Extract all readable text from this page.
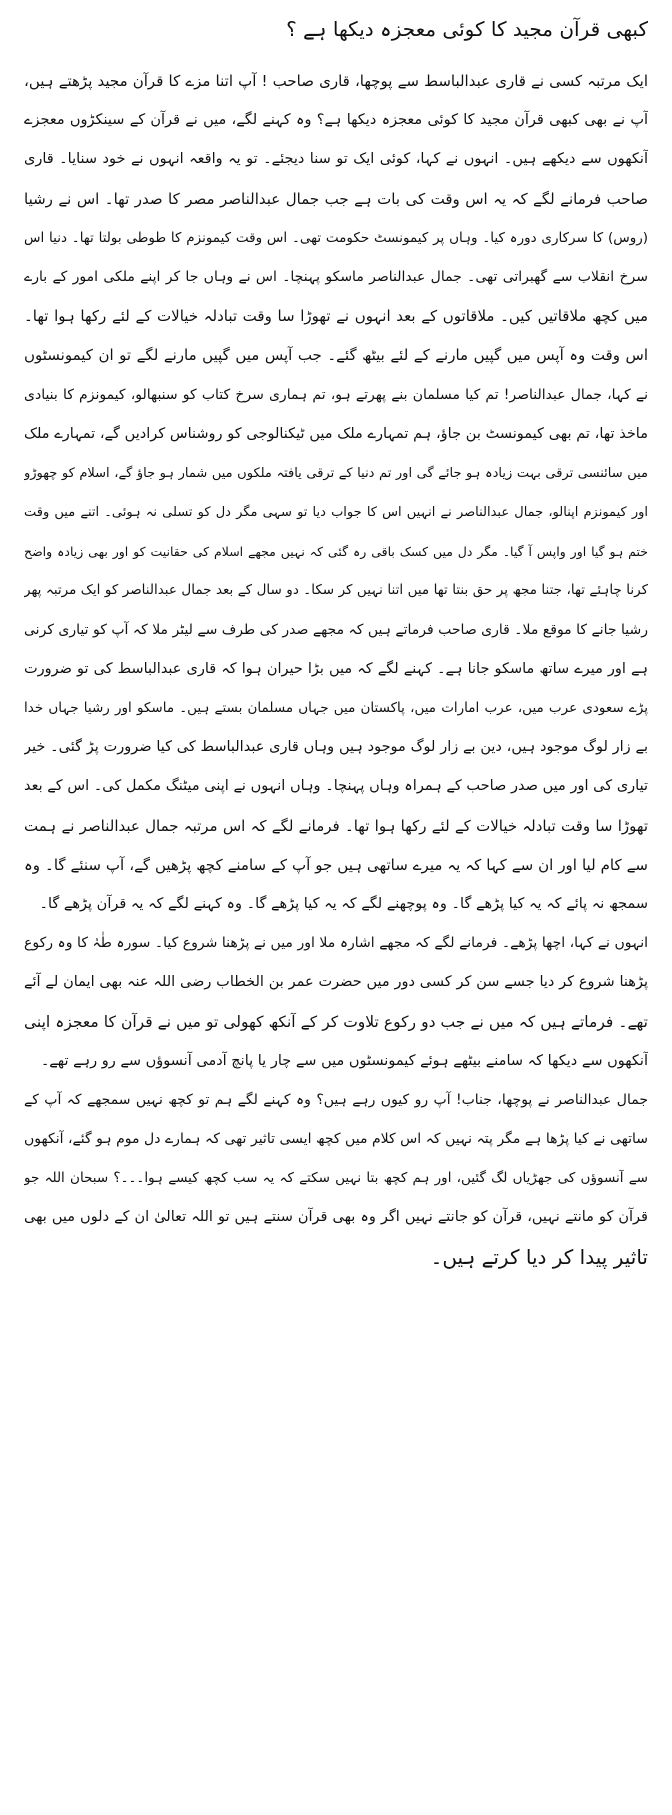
کبھی قرآن مجید کا کوئی معجزہ دیکھا ہے ؟
ایک مرتبہ کسی نے قاری عبدالباسط سے پوچھا، قاری صاحب ! آپ اتنا مزے کا قرآن مجید پڑھتے ہیں،
آپ نے بھی کبھی قرآن مجید کا کوئی معجزہ دیکھا ہے؟ وہ کہنے لگے، میں نے قرآن کے سینکڑوں معجزے
آنکھوں سے دیکھے ہیں۔ انہوں نے کہا، کوئی ایک تو سنا دیجئے۔ تو یہ واقعہ انہوں نے خود سنایا۔ قاری
صاحب فرمانے لگے کہ یہ اس وقت کی بات ہے جب جمال عبدالناصر مصر کا صدر تھا۔ اس نے رشیا
(روس) کا سرکاری دورہ کیا۔ وہاں پر کیمونسٹ حکومت تھی۔ اس وقت کیمونزم کا طوطی بولتا تھا۔ دنیا اس
سرخ انقلاب سے گھبراتی تھی۔ جمال عبدالناصر ماسکو پہنچا۔ اس نے وہاں جا کر اپنے ملکی امور کے بارے
میں کچھ ملاقاتیں کیں۔ ملاقاتوں کے بعد انہوں نے تھوڑا سا وقت تبادلہ خیالات کے لئے رکھا ہوا تھا۔
اس وقت وہ آپس میں گپیں مارنے کے لئے بیٹھ گئے۔ جب آپس میں گپیں مارنے لگے تو ان کیمونسٹوں
نے کہا، جمال عبدالناصر! تم کیا مسلمان بنے پھرتے ہو، تم ہماری سرخ کتاب کو سنبھالو، کیمونزم کا بنیادی
ماخذ تھا، تم بھی کیمونسٹ بن جاؤ، ہم تمہارے ملک میں ٹیکنالوجی کو روشناس کرادیں گے، تمہارے ملک
میں سائنسی ترقی بہت زیادہ ہو جائے گی اور تم دنیا کے ترقی یافتہ ملکوں میں شمار ہو جاؤ گے، اسلام کو چھوڑو
اور کیمونزم اپنالو، جمال عبدالناصر نے انہیں اس کا جواب دیا تو سہی مگر دل کو تسلی نہ ہوئی۔ اتنے میں وقت
ختم ہو گیا اور واپس آ گیا۔ مگر دل میں کسک باقی رہ گئی کہ نہیں مجھے اسلام کی حقانیت کو اور بھی زیادہ واضح
کرنا چاہئے تھا، جتنا مجھ پر حق بنتا تھا میں اتنا نہیں کر سکا۔ دو سال کے بعد جمال عبدالناصر کو ایک مرتبہ پھر
رشیا جانے کا موقع ملا۔ قاری صاحب فرماتے ہیں کہ مجھے صدر کی طرف سے لیٹر ملا کہ آپ کو تیاری کرنی
ہے اور میرے ساتھ ماسکو جانا ہے۔ کہنے لگے کہ میں بڑا حیران ہوا کہ قاری عبدالباسط کی تو ضرورت
پڑے سعودی عرب میں، عرب امارات میں، پاکستان میں جہاں مسلمان بستے ہیں۔ ماسکو اور رشیا جہاں خدا
بے زار لوگ موجود ہیں، دین بے زار لوگ موجود ہیں وہاں قاری عبدالباسط کی کیا ضرورت پڑ گئی۔ خیر
تیاری کی اور میں صدر صاحب کے ہمراہ وہاں پہنچا۔ وہاں انہوں نے اپنی میٹنگ مکمل کی۔ اس کے بعد
تھوڑا سا وقت تبادلہ خیالات کے لئے رکھا ہوا تھا۔ فرمانے لگے کہ اس مرتبہ جمال عبدالناصر نے ہمت
سے کام لیا اور ان سے کہا کہ یہ میرے ساتھی ہیں جو آپ کے سامنے کچھ پڑھیں گے، آپ سنئے گا۔ وہ
سمجھ نہ پائے کہ یہ کیا پڑھے گا۔ وہ پوچھنے لگے کہ یہ کیا پڑھے گا۔ وہ کہنے لگے کہ یہ قرآن پڑھے گا۔
انہوں نے کہا، اچھا پڑھے۔ فرمانے لگے کہ مجھے اشارہ ملا اور میں نے پڑھنا شروع کیا۔ سورہ طٰہٰ کا وہ رکوع
پڑھنا شروع کر دیا جسے سن کر کسی دور میں حضرت عمر بن الخطاب رضی اللہ عنہ بھی ایمان لے آئے
تھے۔ فرماتے ہیں کہ میں نے جب دو رکوع تلاوت کر کے آنکھ کھولی تو میں نے قرآن کا معجزہ اپنی
آنکھوں سے دیکھا کہ سامنے بیٹھے ہوئے کیمونسٹوں میں سے چار یا پانچ آدمی آنسوؤں سے رو رہے تھے۔
جمال عبدالناصر نے پوچھا، جناب! آپ رو کیوں رہے ہیں؟ وہ کہنے لگے ہم تو کچھ نہیں سمجھے کہ آپ کے
ساتھی نے کیا پڑھا ہے مگر پتہ نہیں کہ اس کلام میں کچھ ایسی تاثیر تھی کہ ہمارے دل موم ہو گئے، آنکھوں
سے آنسوؤں کی جھڑیاں لگ گئیں، اور ہم کچھ بتا نہیں سکتے کہ یہ سب کچھ کیسے ہوا۔۔۔؟ سبحان اللہ جو
قرآن کو مانتے نہیں، قرآن کو جانتے نہیں اگر وہ بھی قرآن سنتے ہیں تو اللہ تعالیٰ ان کے دلوں میں بھی
تاثیر پیدا کر دیا کرتے ہیں۔
